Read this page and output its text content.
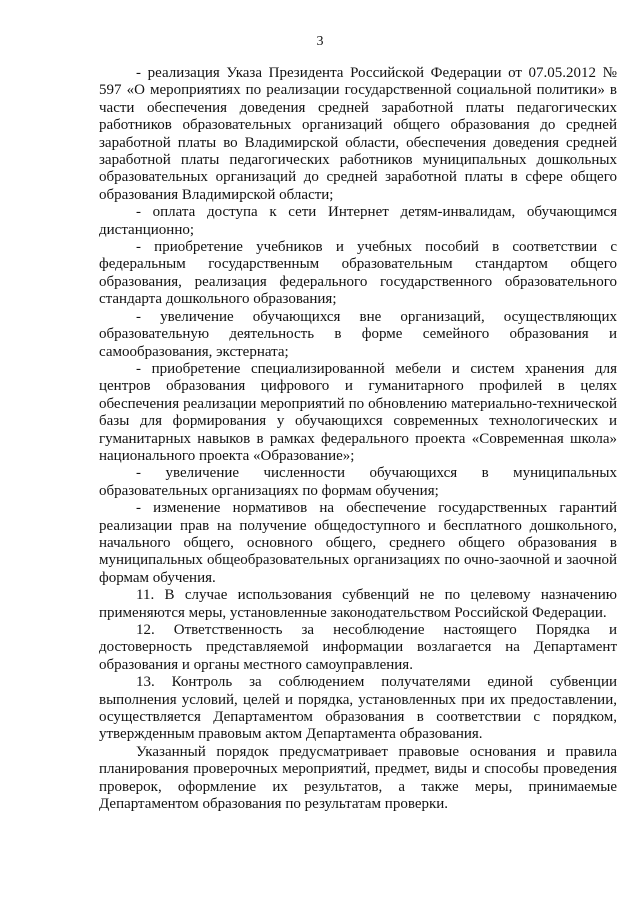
3

- реализация Указа Президента Российской Федерации от 07.05.2012 № 597 «О мероприятиях по реализации государственной социальной политики» в части обеспечения доведения средней заработной платы педагогических работников образовательных организаций общего образования до средней заработной платы во Владимирской области, обеспечения доведения средней заработной платы педагогических работников муниципальных дошкольных образовательных организаций до средней заработной платы в сфере общего образования Владимирской области;

- оплата доступа к сети Интернет детям-инвалидам, обучающимся дистанционно;

- приобретение учебников и учебных пособий в соответствии с федеральным государственным образовательным стандартом общего образования, реализация федерального государственного образовательного стандарта дошкольного образования;

- увеличение обучающихся вне организаций, осуществляющих образовательную деятельность в форме семейного образования и самообразования, экстерната;

- приобретение специализированной мебели и систем хранения для центров образования цифрового и гуманитарного профилей в целях обеспечения реализации мероприятий по обновлению материально-технической базы для формирования у обучающихся современных технологических и гуманитарных навыков в рамках федерального проекта «Современная школа» национального проекта «Образование»;

- увеличение численности обучающихся в муниципальных образовательных организациях по формам обучения;

- изменение нормативов на обеспечение государственных гарантий реализации прав на получение общедоступного и бесплатного дошкольного, начального общего, основного общего, среднего общего образования в муниципальных общеобразовательных организациях по очно-заочной и заочной формам обучения.

11. В случае использования субвенций не по целевому назначению применяются меры, установленные законодательством Российской Федерации.

12. Ответственность за несоблюдение настоящего Порядка и достоверность представляемой информации возлагается на Департамент образования и органы местного самоуправления.

13. Контроль за соблюдением получателями единой субвенции выполнения условий, целей и порядка, установленных при их предоставлении, осуществляется Департаментом образования в соответствии с порядком, утвержденным правовым актом Департамента образования.

Указанный порядок предусматривает правовые основания и правила планирования проверочных мероприятий, предмет, виды и способы проведения проверок, оформление их результатов, а также меры, принимаемые Департаментом образования по результатам проверки.
